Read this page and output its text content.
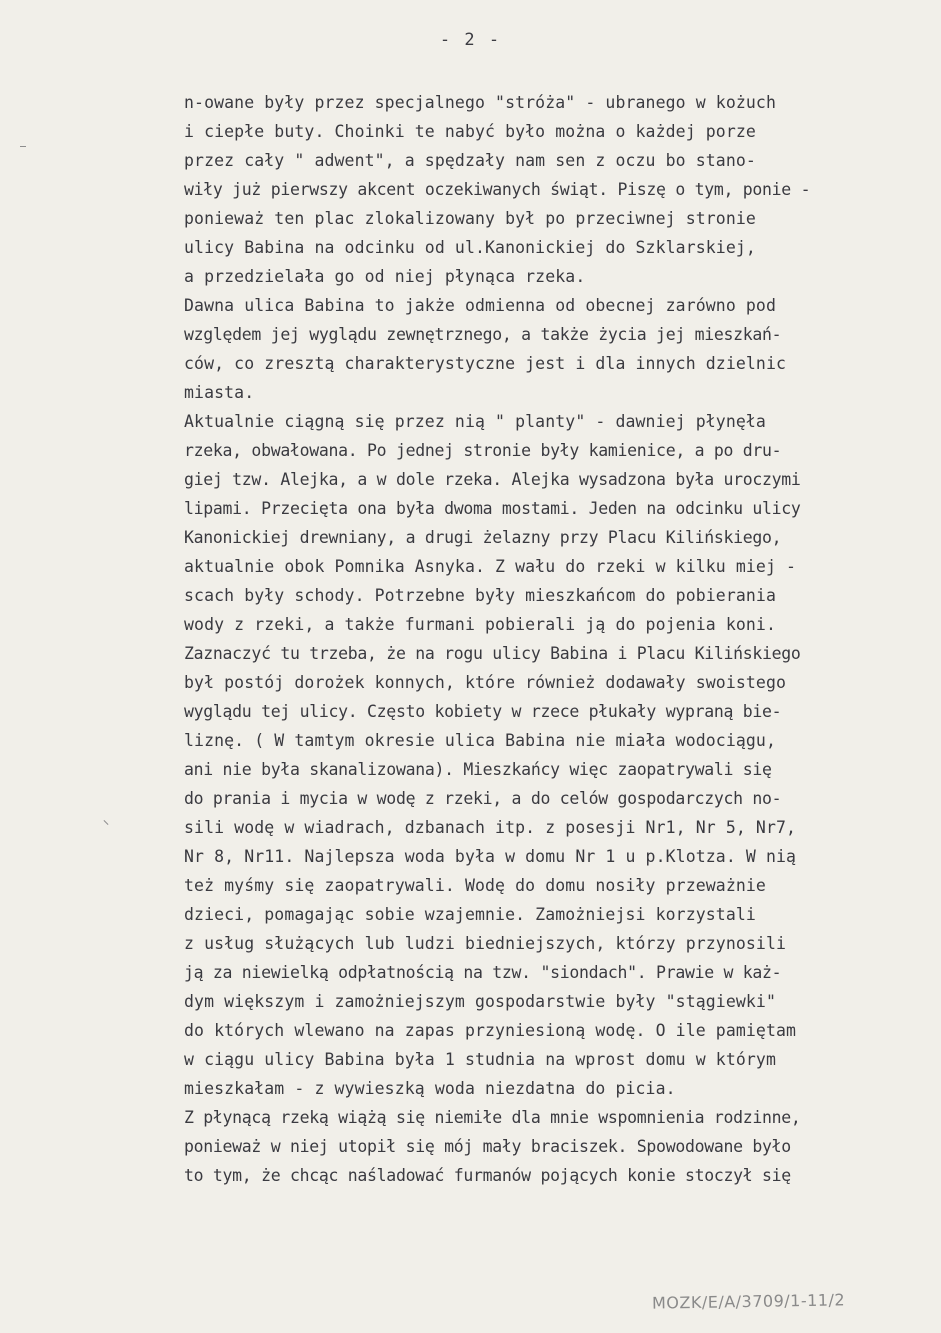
- 2 -
n-owane były przez specjalnego "stróża" - ubranego w kożuch
i ciepłe buty. Choinki te nabyć było można o każdej porze
przez cały " adwent", a spędzały nam sen z oczu bo stano-
wiły już pierwszy akcent oczekiwanych świąt. Piszę o tym, ponie -
ponieważ ten plac zlokalizowany był po przeciwnej stronie
ulicy Babina na odcinku od ul.Kanonickiej do Szklarskiej,
a przedzielała go od niej płynąca rzeka.
Dawna ulica Babina to jakże odmienna od obecnej zarówno pod
względem jej wyglądu zewnętrznego, a także życia jej mieszkań-
ców, co zresztą charakterystyczne jest i dla innych dzielnic
miasta.
Aktualnie ciągną się przez nią " planty" - dawniej płynęła
rzeka, obwałowana. Po jednej stronie były kamienice, a po dru-
giej tzw. Alejka, a w dole rzeka. Alejka wysadzona była uroczymi
lipami. Przecięta ona była dwoma mostami. Jeden na odcinku ulicy
Kanonickiej drewniany, a drugi żelazny przy Placu Kilińskiego,
aktualnie obok Pomnika Asnyka. Z wału do rzeki w kilku miej -
scach były schody. Potrzebne były mieszkańcom do pobierania
wody z rzeki, a także furmani pobierali ją do pojenia koni.
Zaznaczyć tu trzeba, że na rogu ulicy Babina i Placu Kilińskiego
był postój dorożek konnych, które również dodawały swoistego
wyglądu tej ulicy. Często kobiety w rzece płukały wypraną bie-
liznę. ( W tamtym okresie ulica Babina nie miała wodociągu,
ani nie była skanalizowana). Mieszkańcy więc zaopatrywali się
do prania i mycia w wodę z rzeki, a do celów gospodarczych no-
sili wodę w wiadrach, dzbanach itp. z posesji Nr1, Nr 5, Nr7,
Nr 8, Nr11. Najlepsza woda była w domu Nr 1 u p.Klotza. W nią
też myśmy się zaopatrywali. Wodę do domu nosiły przeważnie
dzieci, pomagając sobie wzajemnie. Zamożniejsi korzystali
z usług służących lub ludzi biedniejszych, którzy przynosili
ją za niewielką odpłatnością na tzw. "siondach". Prawie w każ-
dym większym i zamożniejszym gospodarstwie były "stągiewki"
do których wlewano na zapas przyniesioną wodę. O ile pamiętam
w ciągu ulicy Babina była 1 studnia na wprost domu w którym
mieszkałam - z wywieszką woda niezdatna do picia.
Z płynącą rzeką wiążą się niemiłe dla mnie wspomnienia rodzinne,
ponieważ w niej utopił się mój mały braciszek. Spowodowane było
to tym, że chcąc naśladować furmanów pojących konie stoczył się
MOZK/E/A/3709/1-11/2
